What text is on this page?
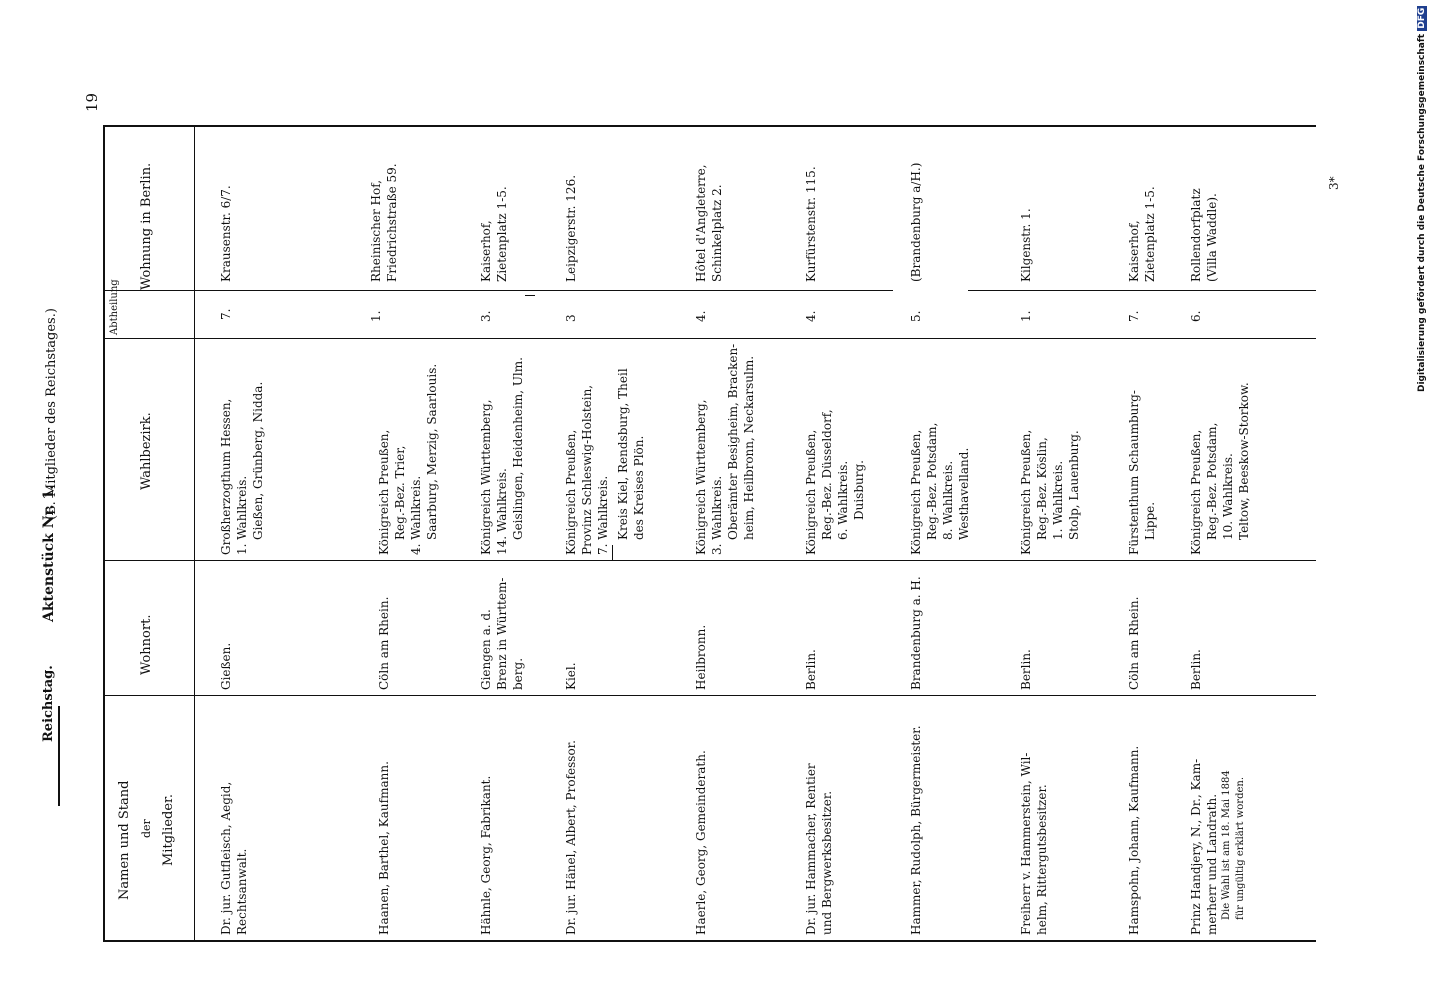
Reichstag.
Aktenstück Nr. 1.
(B. Mitglieder des Reichstages.)
19
Namen und Stand der Mitglieder.
Wohnort.
Wahlbezirk.
Abtheilung
Wohnung in Berlin.
Dr. jur. Gutfleisch, Aegid, Rechtsanwalt.
Gießen.
Großherzogthum Hessen, 1. Wahlkreis. Gießen, Grünberg, Nidda.
7.
Krausenstr. 6/7.
Haanen, Barthel, Kaufmann.
Cöln am Rhein.
Königreich Preußen, Reg.-Bez. Trier, 4. Wahlkreis. Saarburg, Merzig, Saarlouis.
1.
Rheinischer Hof, Friedrichstraße 59.
Hähnle, Georg, Fabrikant.
Giengen a. d. Brenz in Württem- berg.
Königreich Württemberg, 14. Wahlkreis. Geislingen, Heidenheim, Ulm.
3.
Kaiserhof, Zietenplatz 1-5.
Dr. jur. Hänel, Albert, Professor.
Kiel.
Königreich Preußen, Provinz Schleswig-Holstein, 7. Wahlkreis. Kreis Kiel, Rendsburg, Theil des Kreises Plön.
3
Leipzigerstr. 126.
Haerle, Georg, Gemeinderath.
Heilbronn.
Königreich Württemberg, 3. Wahlkreis. Oberämter Besigheim, Bracken- heim, Heilbronn, Neckarsulm.
4.
Hôtel d'Angleterre, Schinkelplatz 2.
Dr. jur. Hammacher, Rentier und Bergwerksbesitzer.
Berlin.
Königreich Preußen, Reg.-Bez. Düsseldorf, 6. Wahlkreis. Duisburg.
4.
Kurfürstenstr. 115.
Hammer, Rudolph, Bürgermeister.
Brandenburg a. H.
Königreich Preußen, Reg.-Bez. Potsdam, 8. Wahlkreis. Westhavelland.
5.
(Brandenburg a/H.)
Freiherr v. Hammerstein, Wil- helm, Rittergutsbesitzer.
Berlin.
Königreich Preußen, Reg.-Bez. Köslin, 1. Wahlkreis. Stolp, Lauenburg.
1.
Kilgenstr. 1.
Hamspohn, Johann, Kaufmann.
Cöln am Rhein.
Fürstenthum Schaumburg- Lippe.
7.
Kaiserhof, Zietenplatz 1-5.
Prinz Handjery, N., Dr., Kam- merherr und Landrath. Die Wahl ist am 18. Mai 1884 für ungültig erklärt worden.
Berlin.
Königreich Preußen, Reg.-Bez. Potsdam, 10. Wahlkreis. Teltow, Beeskow-Storkow.
6.
Rollendorfplatz (Villa Waddle).
3*	Digitalisierung gefördert durch die Deutsche Forschungsgemeinschaft DFG
